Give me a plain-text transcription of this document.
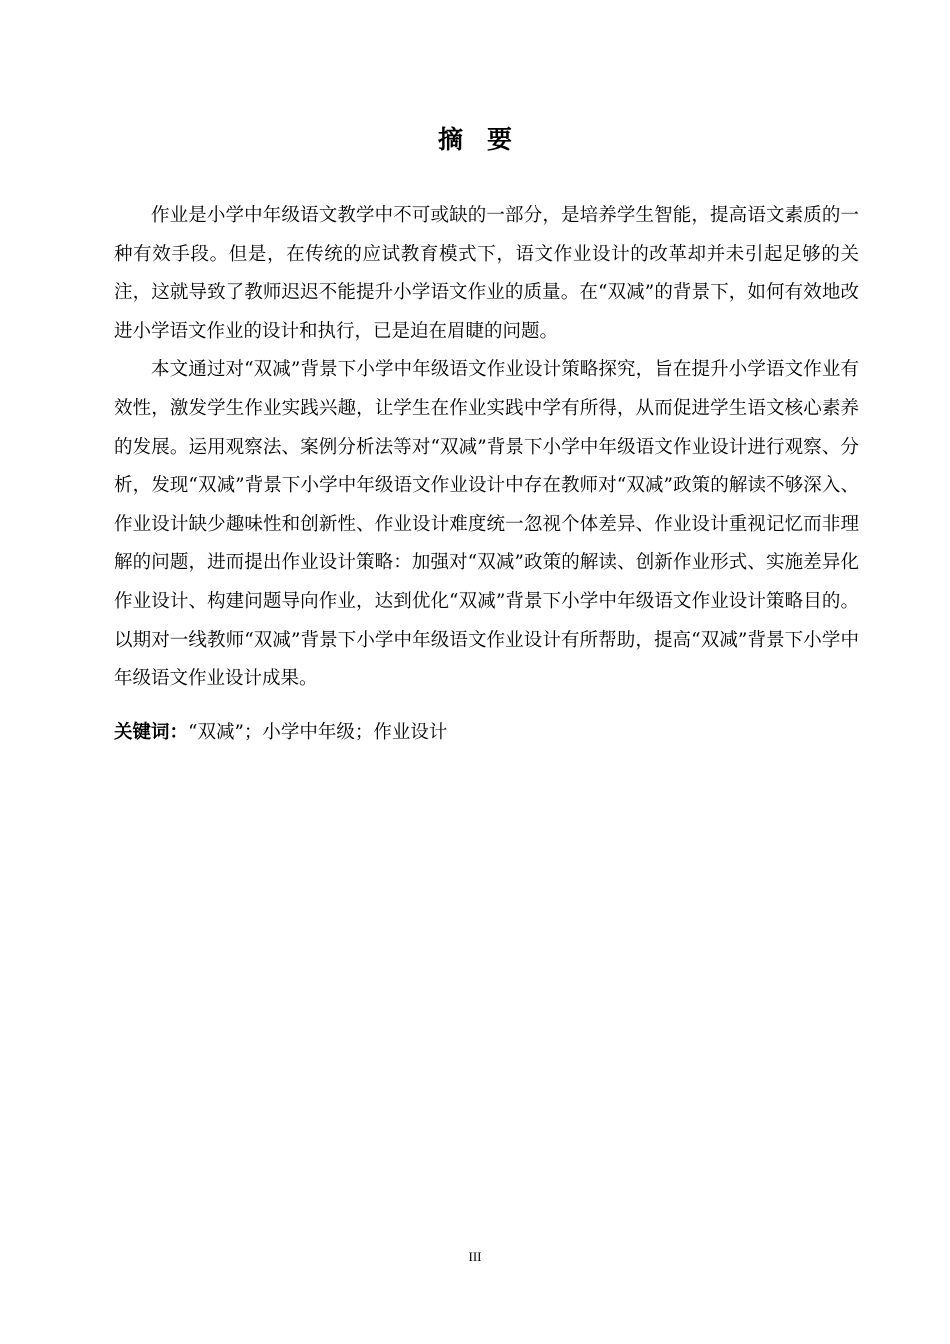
摘要

作业是小学中年级语文教学中不可或缺的一部分，是培养学生智能，提高语文素质的一种有效手段。但是，在传统的应试教育模式下，语文作业设计的改革却并未引起足够的关注，这就导致了教师迟迟不能提升小学语文作业的质量。在“双减”的背景下，如何有效地改进小学语文作业的设计和执行，已是迫在眉睫的问题。

本文通过对“双减”背景下小学中年级语文作业设计策略探究，旨在提升小学语文作业有效性，激发学生作业实践兴趣，让学生在作业实践中学有所得，从而促进学生语文核心素养的发展。运用观察法、案例分析法等对“双减”背景下小学中年级语文作业设计进行观察、分析，发现“双减”背景下小学中年级语文作业设计中存在教师对“双减”政策的解读不够深入、作业设计缺少趣味性和创新性、作业设计难度统一忽视个体差异、作业设计重视记忆而非理解的问题，进而提出作业设计策略：加强对“双减”政策的解读、创新作业形式、实施差异化作业设计、构建问题导向作业，达到优化“双减”背景下小学中年级语文作业设计策略目的。以期对一线教师“双减”背景下小学中年级语文作业设计有所帮助，提高“双减”背景下小学中年级语文作业设计成果。

关键词：“双减”；小学中年级；作业设计
III
